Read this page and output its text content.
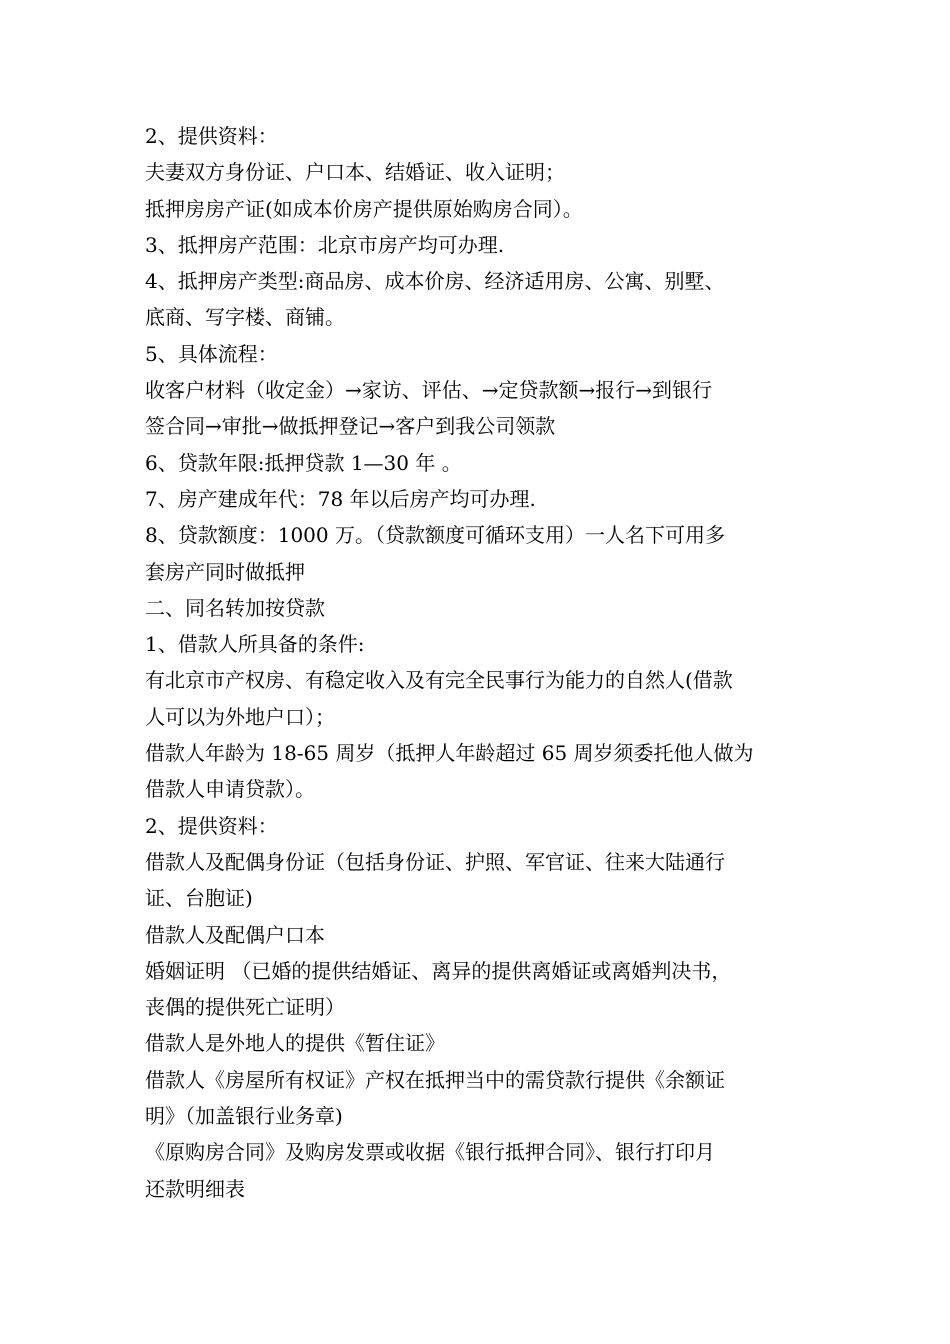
2、提供资料：

夫妻双方身份证、户口本、结婚证、收入证明；

抵押房房产证(如成本价房产提供原始购房合同）。

3、抵押房产范围：北京市房产均可办理.

4、抵押房产类型:商品房、成本价房、经济适用房、公寓、别墅、

底商、写字楼、商铺。

5、具体流程：

收客户材料（收定金）→家访、评估、→定贷款额→报行→到银行

签合同→审批→做抵押登记→客户到我公司领款

6、贷款年限:抵押贷款 1—30 年 。

7、房产建成年代：78 年以后房产均可办理.

8、贷款额度：1000 万。（贷款额度可循环支用）一人名下可用多

套房产同时做抵押

二、同名转加按贷款

1、借款人所具备的条件:

有北京市产权房、有稳定收入及有完全民事行为能力的自然人(借款

人可以为外地户口）；

借款人年龄为 18-65 周岁（抵押人年龄超过 65 周岁须委托他人做为

借款人申请贷款）。

2、提供资料：

借款人及配偶身份证（包括身份证、护照、军官证、往来大陆通行

证、台胞证)

借款人及配偶户口本

婚姻证明 （已婚的提供结婚证、离异的提供离婚证或离婚判决书，

丧偶的提供死亡证明）

借款人是外地人的提供《暂住证》

借款人《房屋所有权证》产权在抵押当中的需贷款行提供《余额证

明》（加盖银行业务章)

《原购房合同》及购房发票或收据《银行抵押合同》、银行打印月

还款明细表
